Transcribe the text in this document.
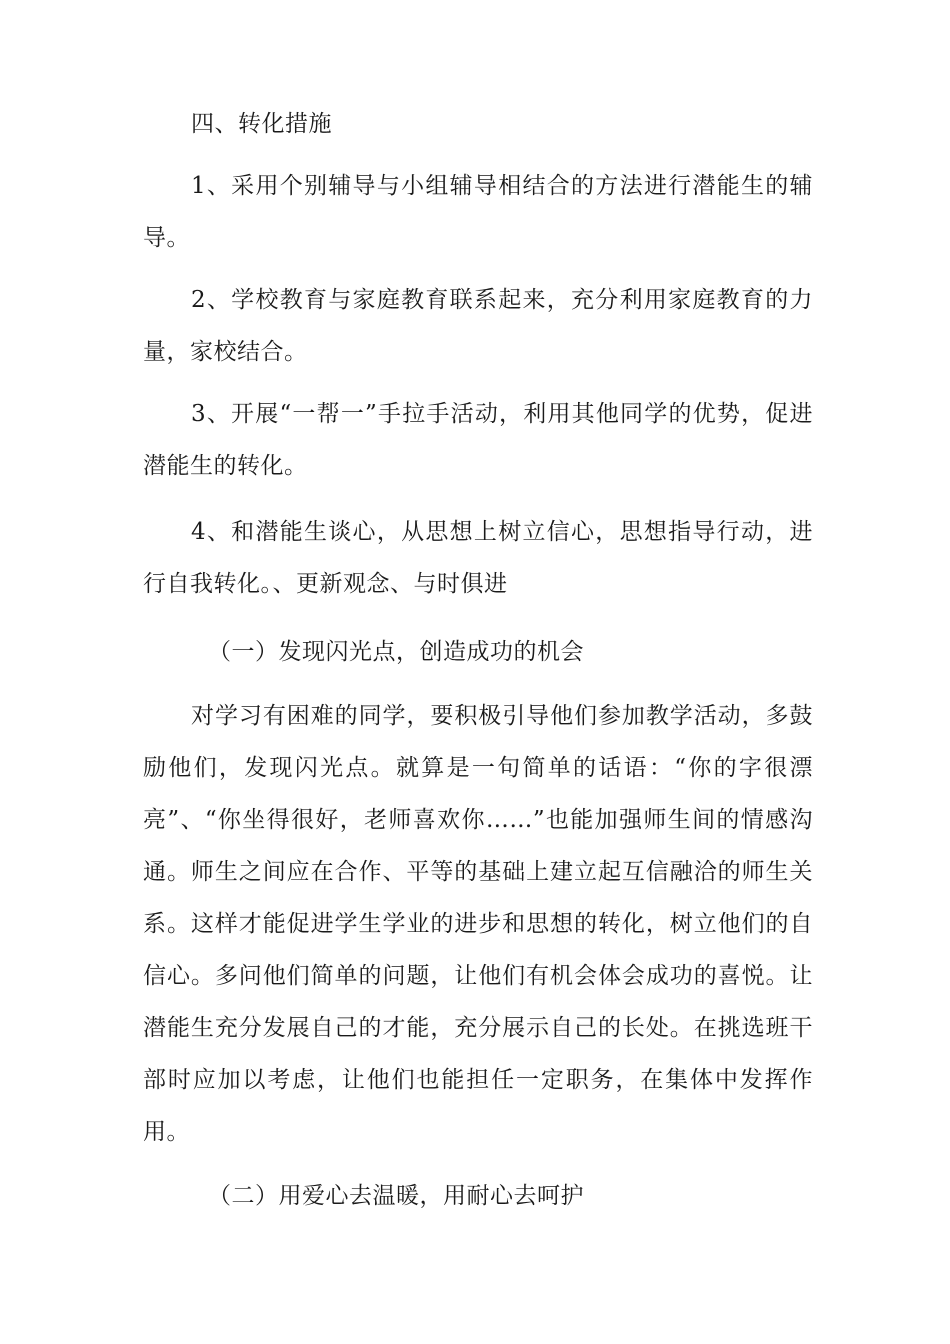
四、转化措施

1、采用个别辅导与小组辅导相结合的方法进行潜能生的辅导。

2、学校教育与家庭教育联系起来，充分利用家庭教育的力量，家校结合。

3、开展“一帮一”手拉手活动，利用其他同学的优势，促进潜能生的转化。

4、和潜能生谈心，从思想上树立信心，思想指导行动，进行自我转化。、更新观念、与时俱进

（一）发现闪光点，创造成功的机会

对学习有困难的同学，要积极引导他们参加教学活动，多鼓励他们，发现闪光点。就算是一句简单的话语：“你的字很漂亮”、“你坐得很好，老师喜欢你……”也能加强师生间的情感沟通。师生之间应在合作、平等的基础上建立起互信融洽的师生关系。这样才能促进学生学业的进步和思想的转化，树立他们的自信心。多问他们简单的问题，让他们有机会体会成功的喜悦。让潜能生充分发展自己的才能，充分展示自己的长处。在挑选班干部时应加以考虑，让他们也能担任一定职务，在集体中发挥作用。

（二）用爱心去温暖，用耐心去呵护
